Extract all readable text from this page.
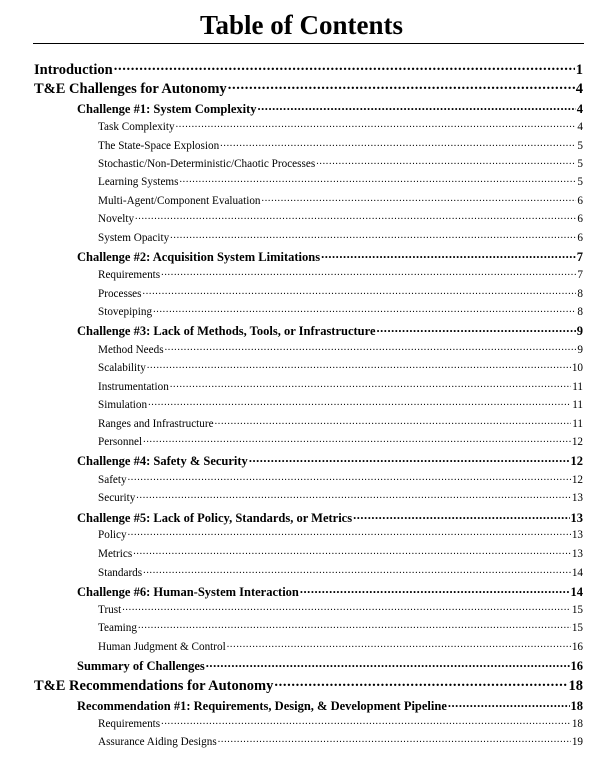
Table of Contents
Introduction . . .	1
T&E Challenges for Autonomy . . .	4
Challenge #1: System Complexity . . .	4
Task Complexity . . .	4
The State-Space Explosion . . .	5
Stochastic/Non-Deterministic/Chaotic Processes . . .	5
Learning Systems . . .	5
Multi-Agent/Component Evaluation . . .	6
Novelty . . .	6
System Opacity . . .	6
Challenge #2: Acquisition System Limitations . . .	7
Requirements . . .	7
Processes . . .	8
Stovepiping . . .	8
Challenge #3: Lack of Methods, Tools, or Infrastructure . . .	9
Method Needs . . .	9
Scalability . . .	10
Instrumentation . . .	11
Simulation . . .	11
Ranges and Infrastructure . . .	11
Personnel . . .	12
Challenge #4: Safety & Security . . .	12
Safety . . .	12
Security . . .	13
Challenge #5: Lack of Policy, Standards, or Metrics . . .	13
Policy . . .	13
Metrics . . .	13
Standards . . .	14
Challenge #6: Human-System Interaction . . .	14
Trust . . .	15
Teaming . . .	15
Human Judgment & Control . . .	16
Summary of Challenges . . .	16
T&E Recommendations for Autonomy . . .	18
Recommendation #1: Requirements, Design, & Development Pipeline . . .	18
Requirements . . .	18
Assurance Aiding Designs . . .	19
